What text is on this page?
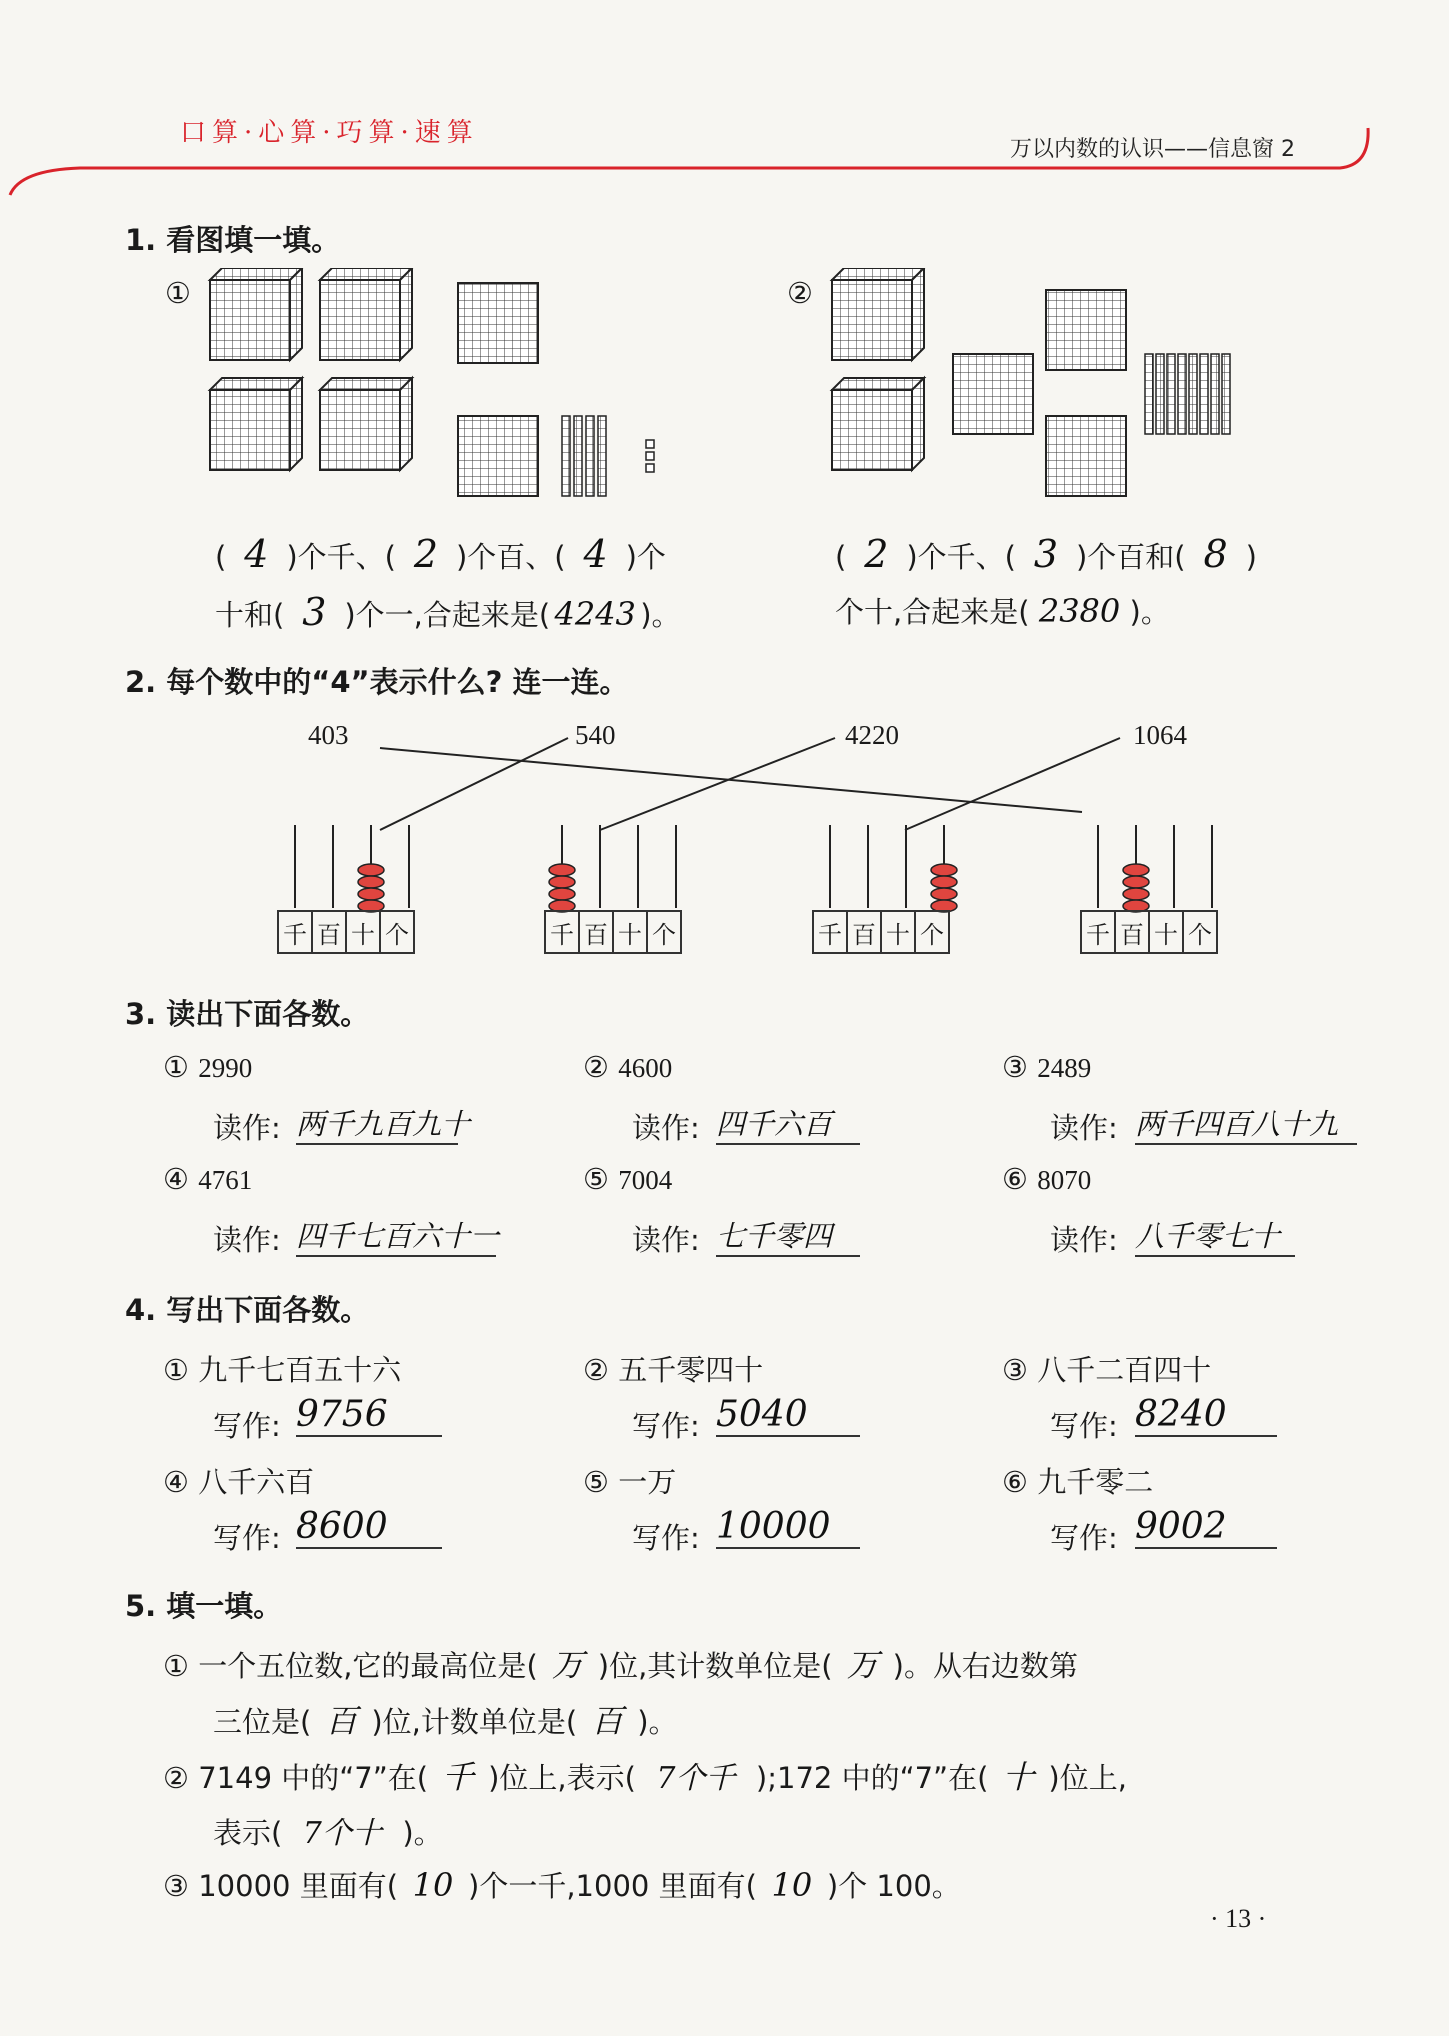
口算·心算·巧算·速算
万以内数的认识——信息窗 2
1. 看图填一填。
①	②
( 4 )个千、( 2 )个百、( 4 )个
十和( 3 )个一,合起来是( 4243 )。
( 2 )个千、( 3 )个百和( 8 )
个十,合起来是( 2380 )。
2. 每个数中的“4”表示什么? 连一连。
403	540	4220	1064
千 百 十 个	千 百 十 个	千 百 十 个	千 百 十 个
3. 读出下面各数。
① 2990	② 4600	③ 2489
读作: 两千九百九十	读作: 四千六百	读作: 两千四百八十九
④ 4761	⑤ 7004	⑥ 8070
读作: 四千七百六十一	读作: 七千零四	读作: 八千零七十
4. 写出下面各数。
① 九千七百五十六	② 五千零四十	③ 八千二百四十
写作: 9756	写作: 5040	写作: 8240
④ 八千六百	⑤ 一万	⑥ 九千零二
写作: 8600	写作: 10000	写作: 9002
5. 填一填。
① 一个五位数,它的最高位是( 万 )位,其计数单位是( 万 )。从右边数第
三位是( 百 )位,计数单位是( 百 )。
② 7149 中的“7”在( 千 )位上,表示( 7个千 );172 中的“7”在( 十 )位上,
表示( 7个十 )。
③ 10000 里面有( 10 )个一千,1000 里面有( 10 )个 100。
· 13 ·
